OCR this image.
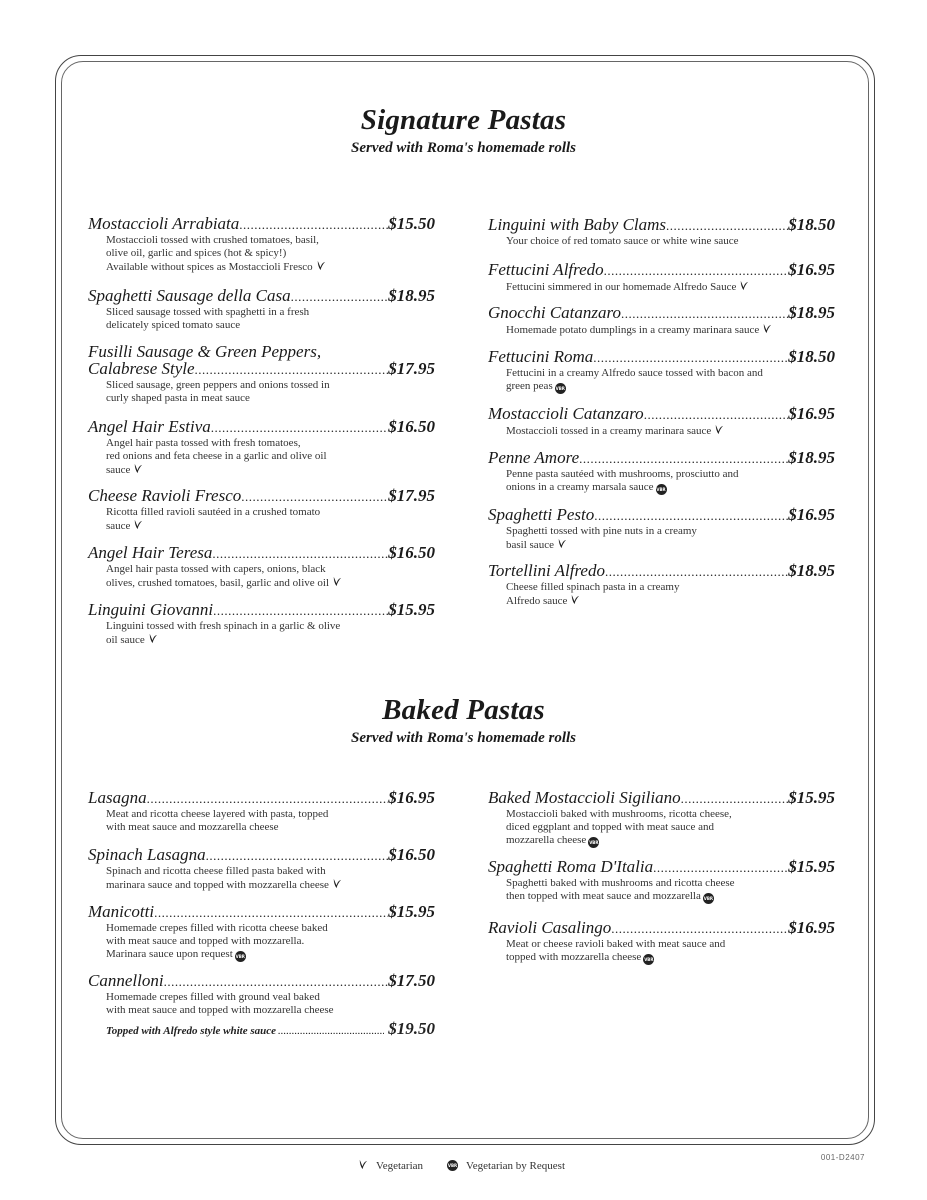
Signature Pastas
Served with Roma's homemade rolls
Baked Pastas
Served with Roma's homemade rolls
Vegetarian	VBR Vegetarian by Request
001-D2407
Mostaccioli Arrabiata .....	$15.50
Mostaccioli tossed with crushed tomatoes, basil,
olive oil, garlic and spices (hot & spicy!)
Available without spices as Mostaccioli Fresco
Spaghetti Sausage della Casa .....	$18.95
Sliced sausage tossed with spaghetti in a fresh
delicately spiced tomato sauce
Fusilli Sausage & Green Peppers,
Calabrese Style .....	$17.95
Sliced sausage, green peppers and onions tossed in
curly shaped pasta in meat sauce
Angel Hair Estiva .....	$16.50
Angel hair pasta tossed with fresh tomatoes,
red onions and feta cheese in a garlic and olive oil
sauce
Cheese Ravioli Fresco .....	$17.95
Ricotta filled ravioli sautéed in a crushed tomato
sauce
Angel Hair Teresa .....	$16.50
Angel hair pasta tossed with capers, onions, black
olives, crushed tomatoes, basil, garlic and olive oil
Linguini Giovanni .....	$15.95
Linguini tossed with fresh spinach in a garlic & olive
oil sauce
Linguini with Baby Clams .....	$18.50
Your choice of red tomato sauce or white wine sauce
Fettucini Alfredo .....	$16.95
Fettucini simmered in our homemade Alfredo Sauce
Gnocchi Catanzaro .....	$18.95
Homemade potato dumplings in a creamy marinara sauce
Fettucini Roma .....	$18.50
Fettucini in a creamy Alfredo sauce tossed with bacon and
green peas VBR
Mostaccioli Catanzaro .....	$16.95
Mostaccioli tossed in a creamy marinara sauce
Penne Amore .....	$18.95
Penne pasta sautéed with mushrooms, prosciutto and
onions in a creamy marsala sauce VBR
Spaghetti Pesto .....	$16.95
Spaghetti tossed with pine nuts in a creamy
basil sauce
Tortellini Alfredo .....	$18.95
Cheese filled spinach pasta in a creamy
Alfredo sauce
Lasagna .....	$16.95
Meat and ricotta cheese layered with pasta, topped
with meat sauce and mozzarella cheese
Spinach Lasagna .....	$16.50
Spinach and ricotta cheese filled pasta baked with
marinara sauce and topped with mozzarella cheese
Manicotti .....	$15.95
Homemade crepes filled with ricotta cheese baked
with meat sauce and topped with mozzarella.
Marinara sauce upon request VBR
Cannelloni .....	$17.50
Homemade crepes filled with ground veal baked
with meat sauce and topped with mozzarella cheese
Topped with Alfredo style white sauce .....	$19.50
Baked Mostaccioli Sigiliano .....	$15.95
Mostaccioli baked with mushrooms, ricotta cheese,
diced eggplant and topped with meat sauce and
mozzarella cheese VBR
Spaghetti Roma D'Italia .....	$15.95
Spaghetti baked with mushrooms and ricotta cheese
then topped with meat sauce and mozzarella VBR
Ravioli Casalingo .....	$16.95
Meat or cheese ravioli baked with meat sauce and
topped with mozzarella cheese VBR
